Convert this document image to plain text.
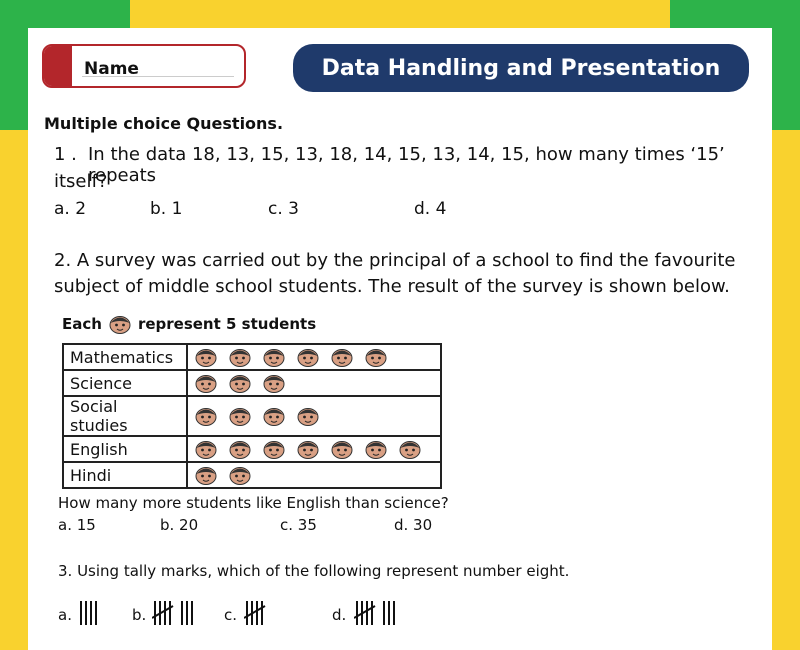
Name	Data Handling and Presentation
Multiple choice Questions.
1 . In the data 18, 13, 15, 13, 18, 14, 15, 13, 14, 15, how many times ‘15’ repeats
itself?
a. 2	b. 1	c. 3	d. 4
2. A survey was carried out by the principal of a school to find the favourite
subject of middle school students. The result of the survey is shown below.
Each represent 5 students
Mathematics	

Science	

Social studies	

English	

Hindi	
How many more students like English than science?
a. 15	b. 20	c. 35	d. 30
3. Using tally marks, which of the following represent number eight.
a.	b.	c.	d.
